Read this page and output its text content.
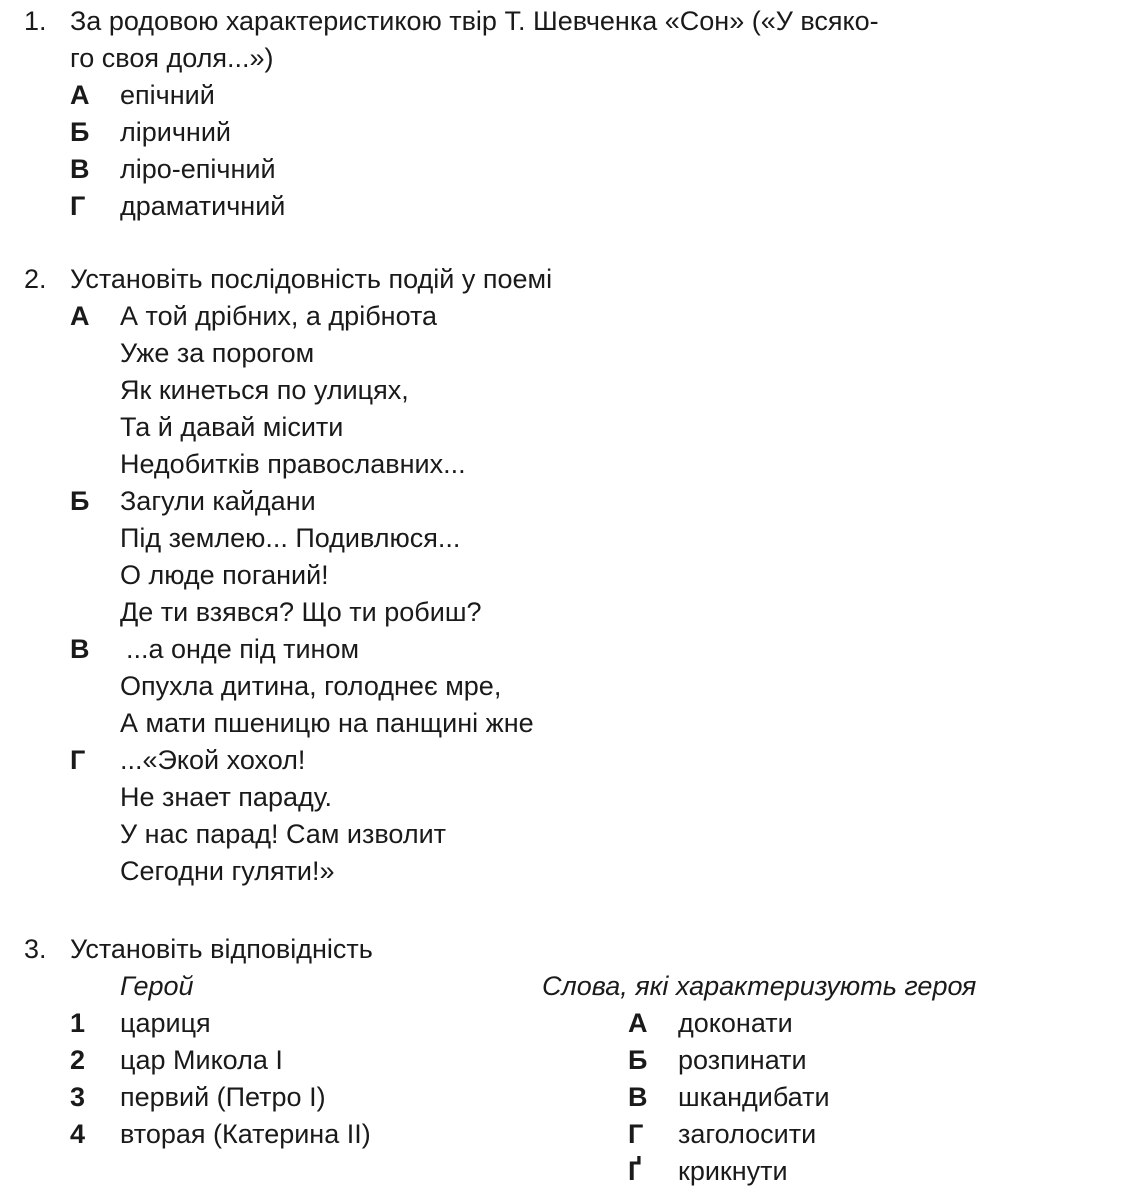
1. За родовою характеристикою твір Т. Шевченка «Сон» («У всяко-
го своя доля...»)
А епічний
Б ліричний
В ліро-епічний
Г драматичний
2. Установіть послідовність подій у поемі
А А той дрібних, а дрібнота
Уже за порогом
Як кинеться по улицях,
Та й давай місити
Недобитків православних...
Б Загули кайдани
Під землею... Подивлюся...
О люде поганий!
Де ти взявся? Що ти робиш?
В ...а онде під тином
Опухла дитина, голоднеє мре,
А мати пшеницю на панщині жне
Г ...«Экой хохол!
Не знает параду.
У нас парад! Сам изволит
Сегодни гуляти!»
3. Установіть відповідність
Герой	Слова, які характеризують героя
1 цариця
2 цар Микола І
3 первий (Петро І)
4 вторая (Катерина ІІ)
А доконати
Б розпинати
В шкандибати
Г заголосити
Ґ крикнути
